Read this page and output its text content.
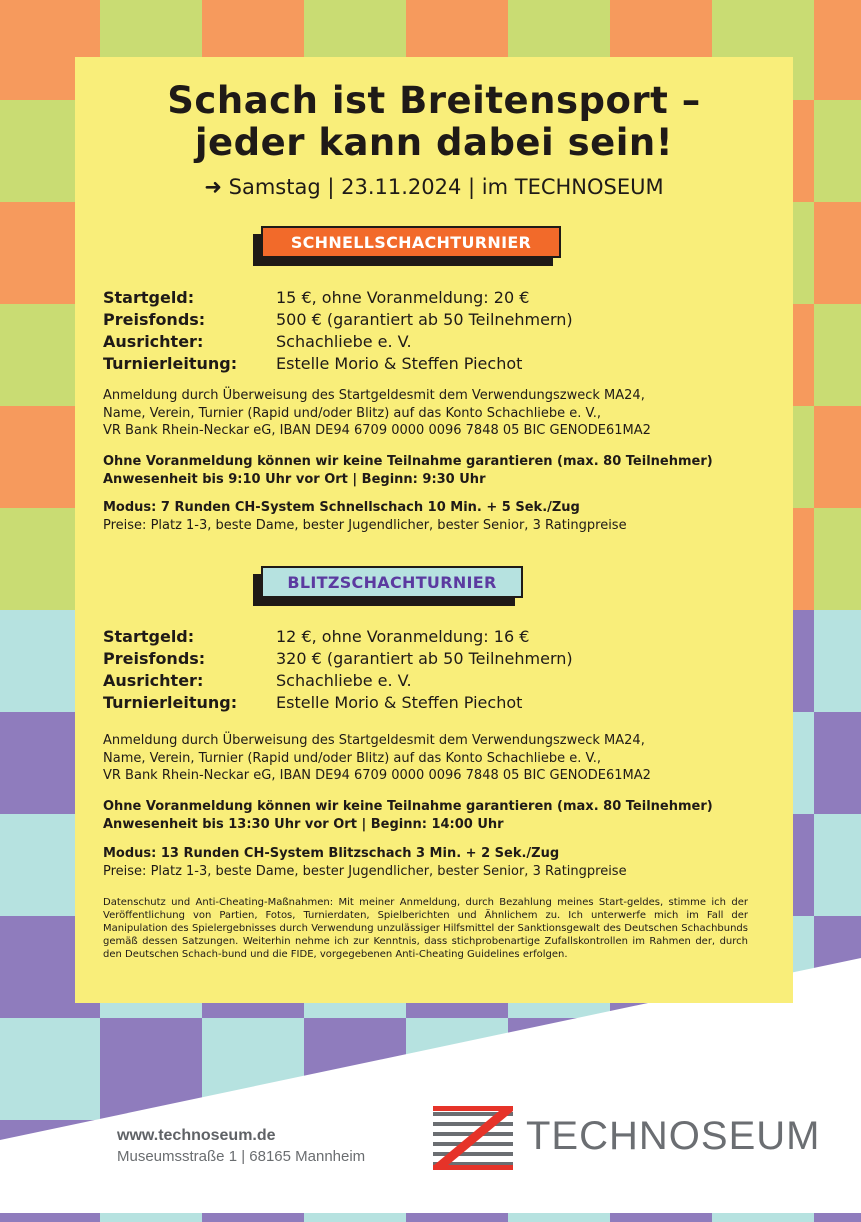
Schach ist Breitensport –
jeder kann dabei sein!
➜ Samstag | 23.11.2024 | im TECHNOSEUM
SCHNELLSCHACHTURNIER
Startgeld:	15 €, ohne Voranmeldung: 20 €
Preisfonds:	500 € (garantiert ab 50 Teilnehmern)
Ausrichter:	Schachliebe e. V.
Turnierleitung:	Estelle Morio & Steffen Piechot
Anmeldung durch Überweisung des Startgeldesmit dem Verwendungszweck MA24,
Name, Verein, Turnier (Rapid und/oder Blitz) auf das Konto Schachliebe e. V.,
VR Bank Rhein-Neckar eG, IBAN DE94 6709 0000 0096 7848 05 BIC GENODE61MA2
Ohne Voranmeldung können wir keine Teilnahme garantieren (max. 80 Teilnehmer)
Anwesenheit bis 9:10 Uhr vor Ort | Beginn: 9:30 Uhr
Modus: 7 Runden CH-System Schnellschach 10 Min. + 5 Sek./Zug
Preise: Platz 1-3, beste Dame, bester Jugendlicher, bester Senior, 3 Ratingpreise
BLITZSCHACHTURNIER
Startgeld:	12 €, ohne Voranmeldung: 16 €
Preisfonds:	320 € (garantiert ab 50 Teilnehmern)
Ausrichter:	Schachliebe e. V.
Turnierleitung:	Estelle Morio & Steffen Piechot
Anmeldung durch Überweisung des Startgeldesmit dem Verwendungszweck MA24,
Name, Verein, Turnier (Rapid und/oder Blitz) auf das Konto Schachliebe e. V.,
VR Bank Rhein-Neckar eG, IBAN DE94 6709 0000 0096 7848 05 BIC GENODE61MA2
Ohne Voranmeldung können wir keine Teilnahme garantieren (max. 80 Teilnehmer)
Anwesenheit bis 13:30 Uhr vor Ort | Beginn: 14:00 Uhr
Modus: 13 Runden CH-System Blitzschach 3 Min. + 2 Sek./Zug
Preise: Platz 1-3, beste Dame, bester Jugendlicher, bester Senior, 3 Ratingpreise
Datenschutz und Anti-Cheating-Maßnahmen: Mit meiner Anmeldung, durch Bezahlung meines Start-geldes, stimme ich der Veröffentlichung von Partien, Fotos, Turnierdaten, Spielberichten und Ähnlichem zu. Ich unterwerfe mich im Fall der Manipulation des Spielergebnisses durch Verwendung unzulässiger Hilfsmittel der Sanktionsgewalt des Deutschen Schachbunds gemäß dessen Satzungen. Weiterhin nehme ich zur Kenntnis, dass stichprobenartige Zufallskontrollen im Rahmen der, durch den Deutschen Schach-bund und die FIDE, vorgegebenen Anti-Cheating Guidelines erfolgen.
www.technoseum.de
Museumsstraße 1 | 68165 Mannheim	TECHNOSEUM
